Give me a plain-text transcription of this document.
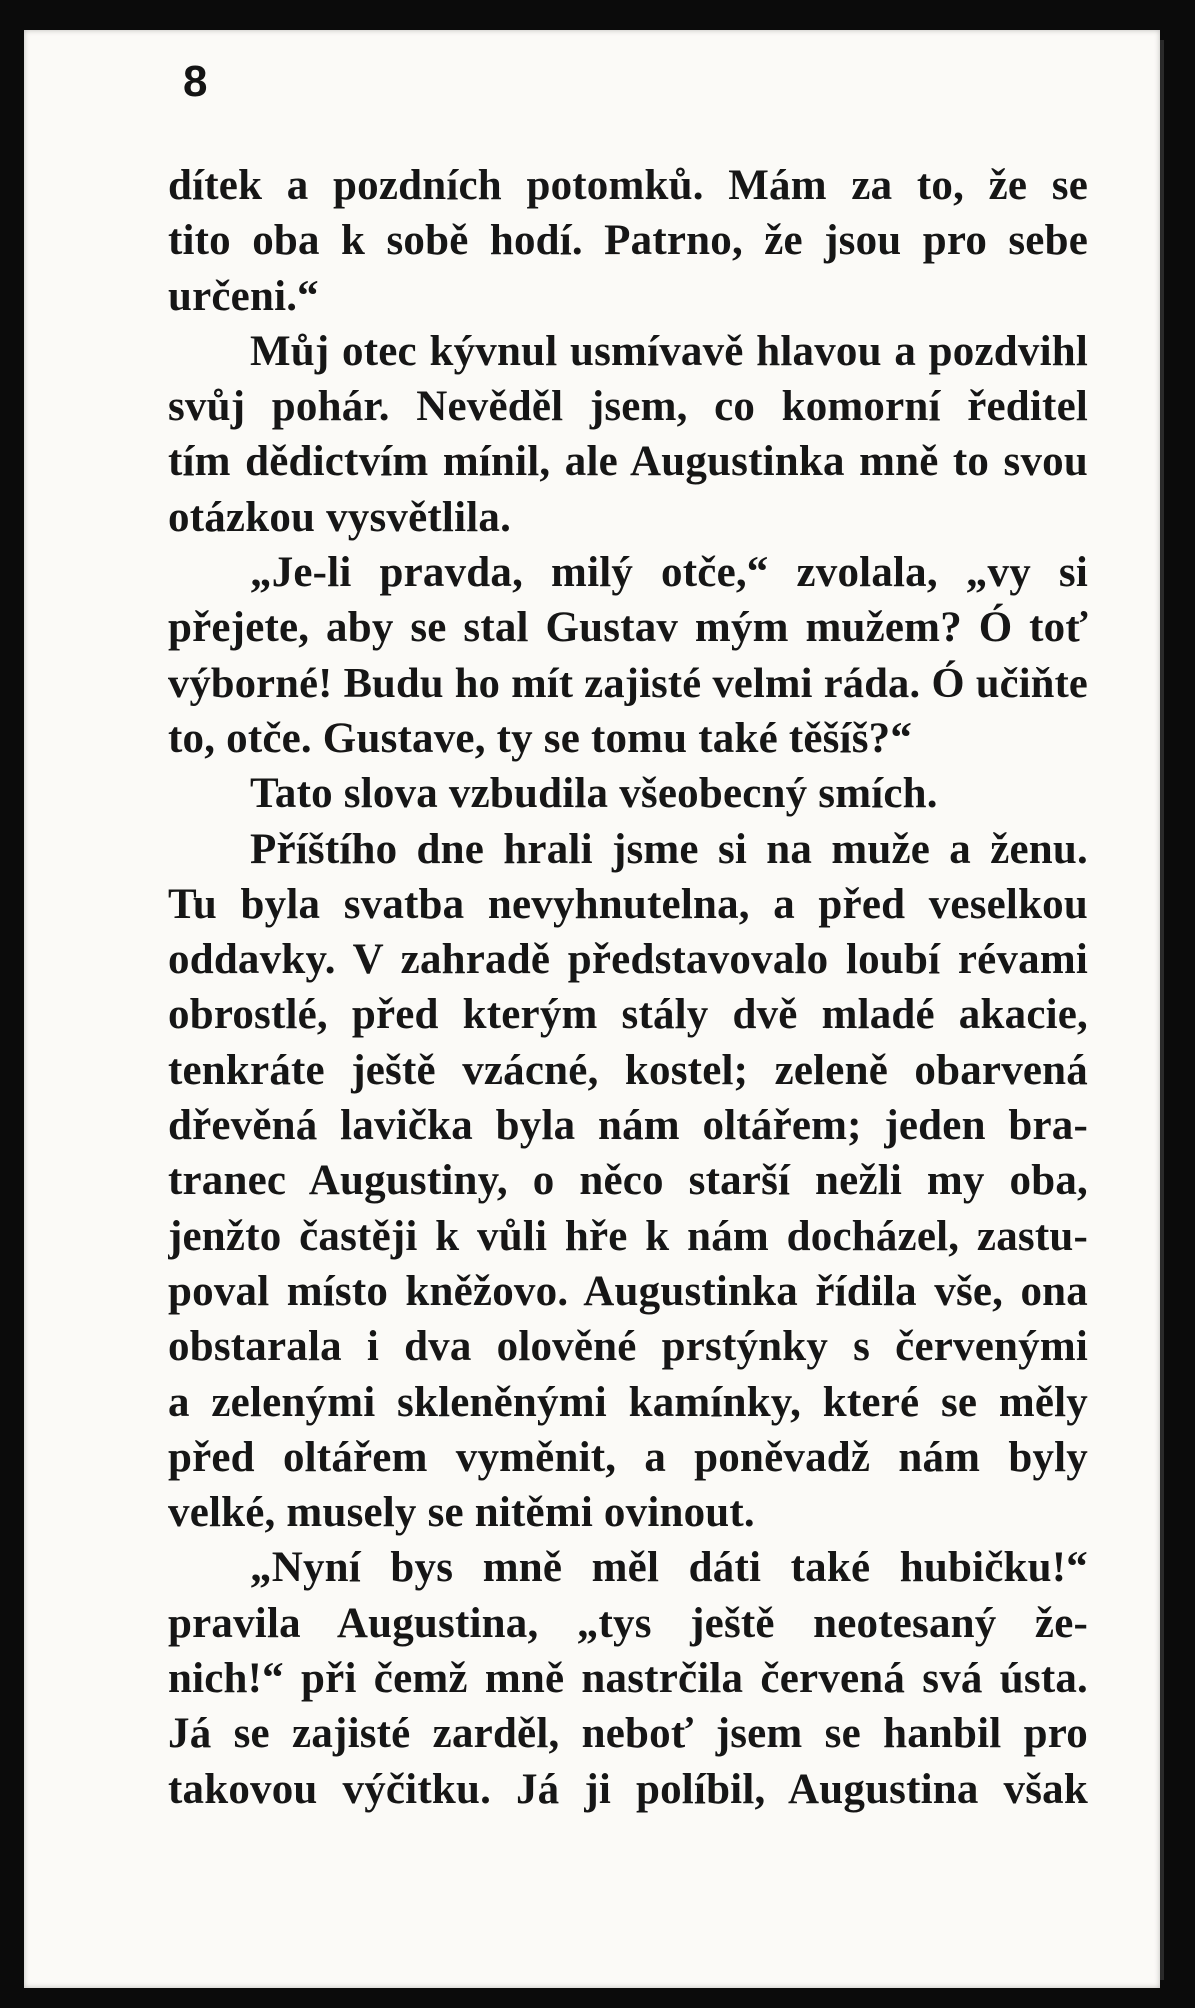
8
dítek a pozdních potomků. Mám za to, že se
tito oba k sobě hodí. Patrno, že jsou pro sebe
určeni.“
Můj otec kývnul usmívavě hlavou a pozdvihl
svůj pohár. Nevěděl jsem, co komorní ředitel
tím dědictvím mínil, ale Augustinka mně to svou
otázkou vysvětlila.
„Je-li pravda, milý otče,“ zvolala, „vy si
přejete, aby se stal Gustav mým mužem? Ó toť
výborné! Budu ho mít zajisté velmi ráda. Ó učiňte
to, otče. Gustave, ty se tomu také těšíš?“
Tato slova vzbudila všeobecný smích.
Příštího dne hrali jsme si na muže a ženu.
Tu byla svatba nevyhnutelna, a před veselkou
oddavky. V zahradě představovalo loubí révami
obrostlé, před kterým stály dvě mladé akacie,
tenkráte ještě vzácné, kostel; zeleně obarvená
dřevěná lavička byla nám oltářem; jeden bra-
tranec Augustiny, o něco starší nežli my oba,
jenžto častěji k vůli hře k nám docházel, zastu-
poval místo kněžovo. Augustinka řídila vše, ona
obstarala i dva olověné prstýnky s červenými
a zelenými skleněnými kamínky, které se měly
před oltářem vyměnit, a poněvadž nám byly
velké, musely se nitěmi ovinout.
„Nyní bys mně měl dáti také hubičku!“
pravila Augustina, „tys ještě neotesaný že-
nich!“ při čemž mně nastrčila červená svá ústa.
Já se zajisté zarděl, neboť jsem se hanbil pro
takovou výčitku. Já ji políbil, Augustina však
